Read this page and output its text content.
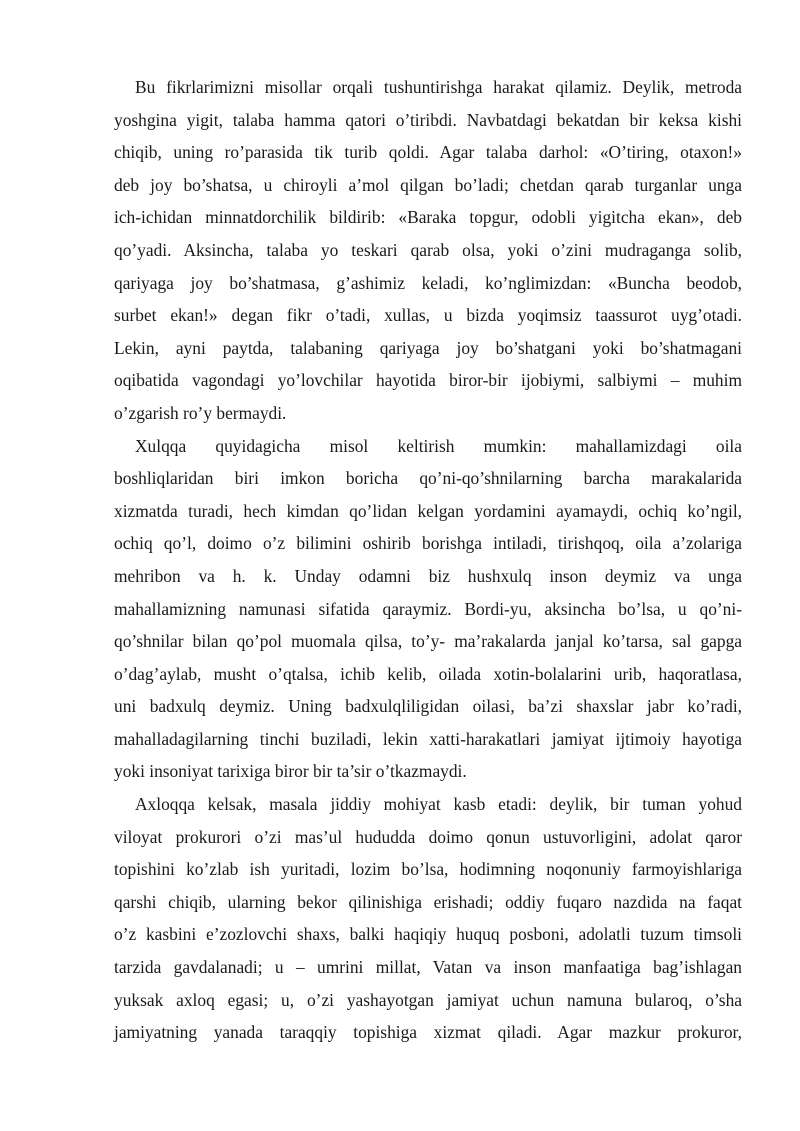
Bu fikrlarimizni misollar orqali tushuntirishga harakat qilamiz. Deylik, metroda
yoshgina yigit, talaba hamma qatori o’tiribdi. Navbatdagi bekatdan bir keksa kishi
chiqib, uning ro’parasida tik turib qoldi. Agar talaba darhol: «O’tiring, otaxon!»
deb joy bo’shatsa, u chiroyli a’mol qilgan bo’ladi; chetdan qarab turganlar unga
ich-ichidan minnatdorchilik bildirib: «Baraka topgur, odobli yigitcha ekan», deb
qo’yadi. Aksincha, talaba yo teskari qarab olsa, yoki o’zini mudraganga solib,
qariyaga joy bo’shatmasa, g’ashimiz keladi, ko’nglimizdan: «Buncha beodob,
surbet ekan!» degan fikr o’tadi, xullas, u bizda yoqimsiz taassurot uyg’otadi.
Lekin, ayni paytda, talabaning qariyaga joy bo’shatgani yoki bo’shatmagani
oqibatida vagondagi yo’lovchilar hayotida biror-bir ijobiymi, salbiymi – muhim
o’zgarish ro’y bermaydi.
Xulqqa quyidagicha misol keltirish mumkin: mahallamizdagi oila
boshliqlaridan biri imkon boricha qo’ni-qo’shnilarning barcha marakalarida
xizmatda turadi, hech kimdan qo’lidan kelgan yordamini ayamaydi, ochiq ko’ngil,
ochiq qo’l, doimo o’z bilimini oshirib borishga intiladi, tirishqoq, oila a’zolariga
mehribon va h. k. Unday odamni biz hushxulq inson deymiz va unga
mahallamizning namunasi sifatida qaraymiz. Bordi-yu, aksincha bo’lsa, u qo’ni-
qo’shnilar bilan qo’pol muomala qilsa, to’y- ma’rakalarda janjal ko’tarsa, sal gapga
o’dag’aylab, musht o’qtalsa, ichib kelib, oilada xotin-bolalarini urib, haqoratlasa,
uni badxulq deymiz. Uning badxulqliligidan oilasi, ba’zi shaxslar jabr ko’radi,
mahalladagilarning tinchi buziladi, lekin xatti-harakatlari jamiyat ijtimoiy hayotiga
yoki insoniyat tarixiga biror bir ta’sir o’tkazmaydi.
Axloqqa kelsak, masala jiddiy mohiyat kasb etadi: deylik, bir tuman yohud
viloyat prokurori o’zi mas’ul hududda doimo qonun ustuvorligini, adolat qaror
topishini ko’zlab ish yuritadi, lozim bo’lsa, hodimning noqonuniy farmoyishlariga
qarshi chiqib, ularning bekor qilinishiga erishadi; oddiy fuqaro nazdida na faqat
o’z kasbini e’zozlovchi shaxs, balki haqiqiy huquq posboni, adolatli tuzum timsoli
tarzida gavdalanadi; u – umrini millat, Vatan va inson manfaatiga bag’ishlagan
yuksak axloq egasi; u, o’zi yashayotgan jamiyat uchun namuna bularoq, o’sha
jamiyatning yanada taraqqiy topishiga xizmat qiladi. Agar mazkur prokuror,
